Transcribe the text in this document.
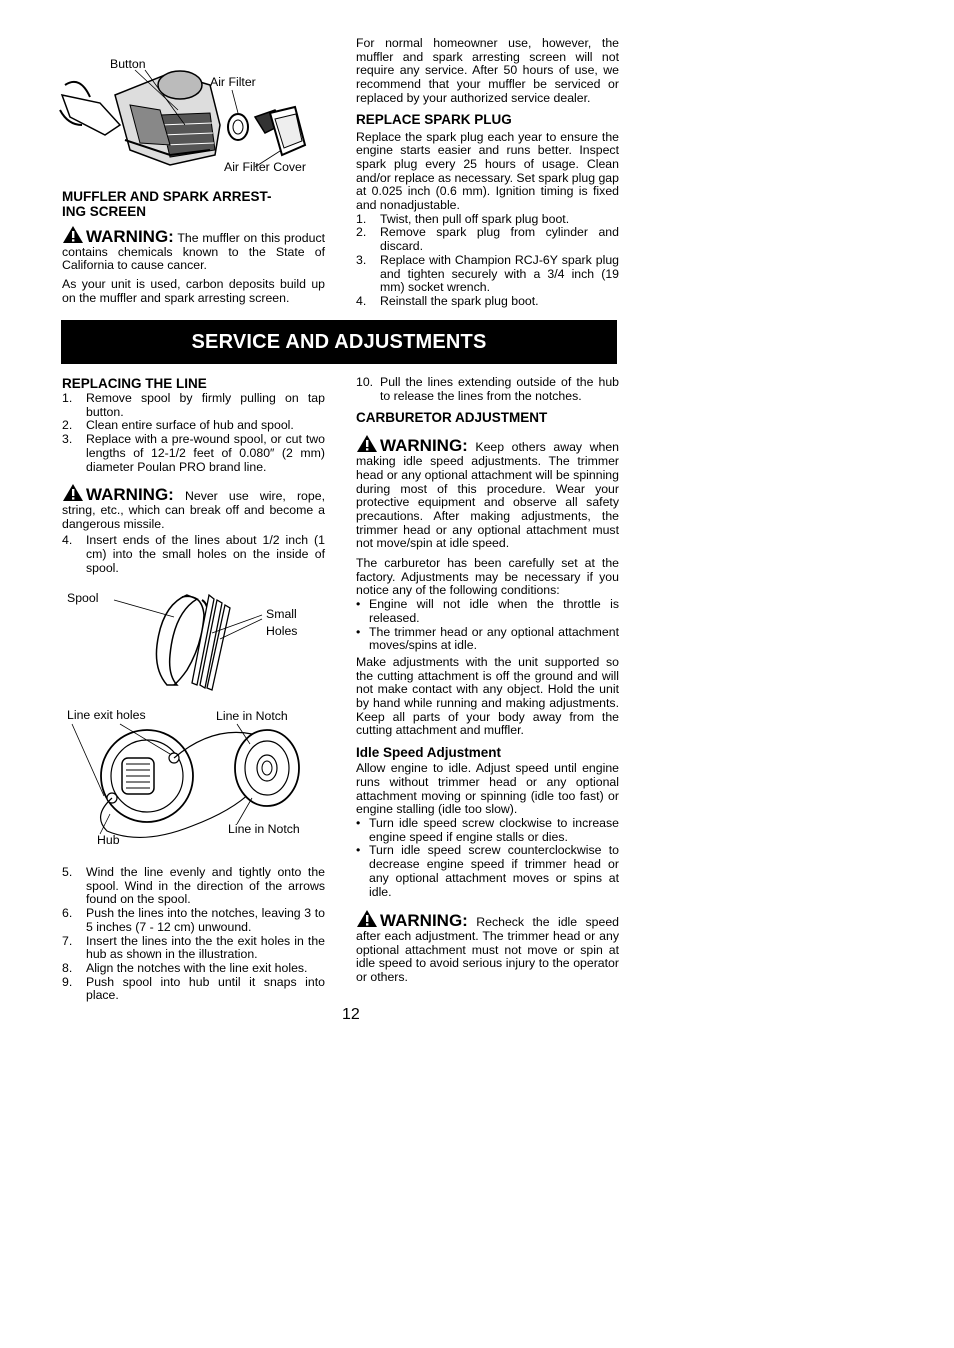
Button
Air Filter
Air Filter Cover

MUFFLER AND SPARK ARREST-
ING SCREEN

WARNING: The muffler on this product contains chemicals known to the State of California to cause cancer.

As your unit is used, carbon deposits build up on the muffler and spark arresting screen.

For normal homeowner use, however, the muffler and spark arresting screen will not require any service. After 50 hours of use, we recommend that your muffler be serviced or replaced by your authorized service dealer.

REPLACE SPARK PLUG

Replace the spark plug each year to ensure the engine starts easier and runs better. Inspect spark plug every 25 hours of usage. Clean and/or replace as necessary. Set spark plug gap at 0.025 inch (0.6 mm). Ignition timing is fixed and nonadjustable.

1. Twist, then pull off spark plug boot.
2. Remove spark plug from cylinder and discard.
3. Replace with Champion RCJ-6Y spark plug and tighten securely with a 3/4 inch (19 mm) socket wrench.
4. Reinstall the spark plug boot.
SERVICE AND ADJUSTMENTS

REPLACING THE LINE

1. Remove spool by firmly pulling on tap button.
2. Clean entire surface of hub and spool.
3. Replace with a pre-wound spool, or cut two lengths of 12-1/2 feet of 0.080″ (2 mm) diameter Poulan PRO brand line.

WARNING: Never use wire, rope, string, etc., which can break off and become a dangerous missile.

4. Insert ends of the lines about 1/2 inch (1 cm) into the small holes on the inside of spool.
Spool
Small
Holes
Line exit holes	Line in Notch
Line in Notch
Hub
5. Wind the line evenly and tightly onto the spool. Wind in the direction of the arrows found on the spool.
6. Push the lines into the notches, leaving 3 to 5 inches (7 - 12 cm) unwound.
7. Insert the lines into the the exit holes in the hub as shown in the illustration.
8. Align the notches with the line exit holes.
9. Push spool into hub until it snaps into place.
10. Pull the lines extending outside of the hub to release the lines from the notches.

CARBURETOR ADJUSTMENT

WARNING: Keep others away when making idle speed adjustments. The trimmer head or any optional attachment will be spinning during most of this procedure. Wear your protective equipment and observe all safety precautions. After making adjustments, the trimmer head or any optional attachment must not move/spin at idle speed.

The carburetor has been carefully set at the factory. Adjustments may be necessary if you notice any of the following conditions:

• Engine will not idle when the throttle is released.
• The trimmer head or any optional attachment moves/spins at idle.

Make adjustments with the unit supported so the cutting attachment is off the ground and will not make contact with any object. Hold the unit by hand while running and making adjustments. Keep all parts of your body away from the cutting attachment and muffler.

Idle Speed Adjustment

Allow engine to idle. Adjust speed until engine runs without trimmer head or any optional attachment moving or spinning (idle too fast) or engine stalling (idle too slow).

• Turn idle speed screw clockwise to increase engine speed if engine stalls or dies.
• Turn idle speed screw counterclockwise to decrease engine speed if trimmer head or any optional attachment moves or spins at idle.

WARNING: Recheck the idle speed after each adjustment. The trimmer head or any optional attachment must not move or spin at idle speed to avoid serious injury to the operator or others.

12
